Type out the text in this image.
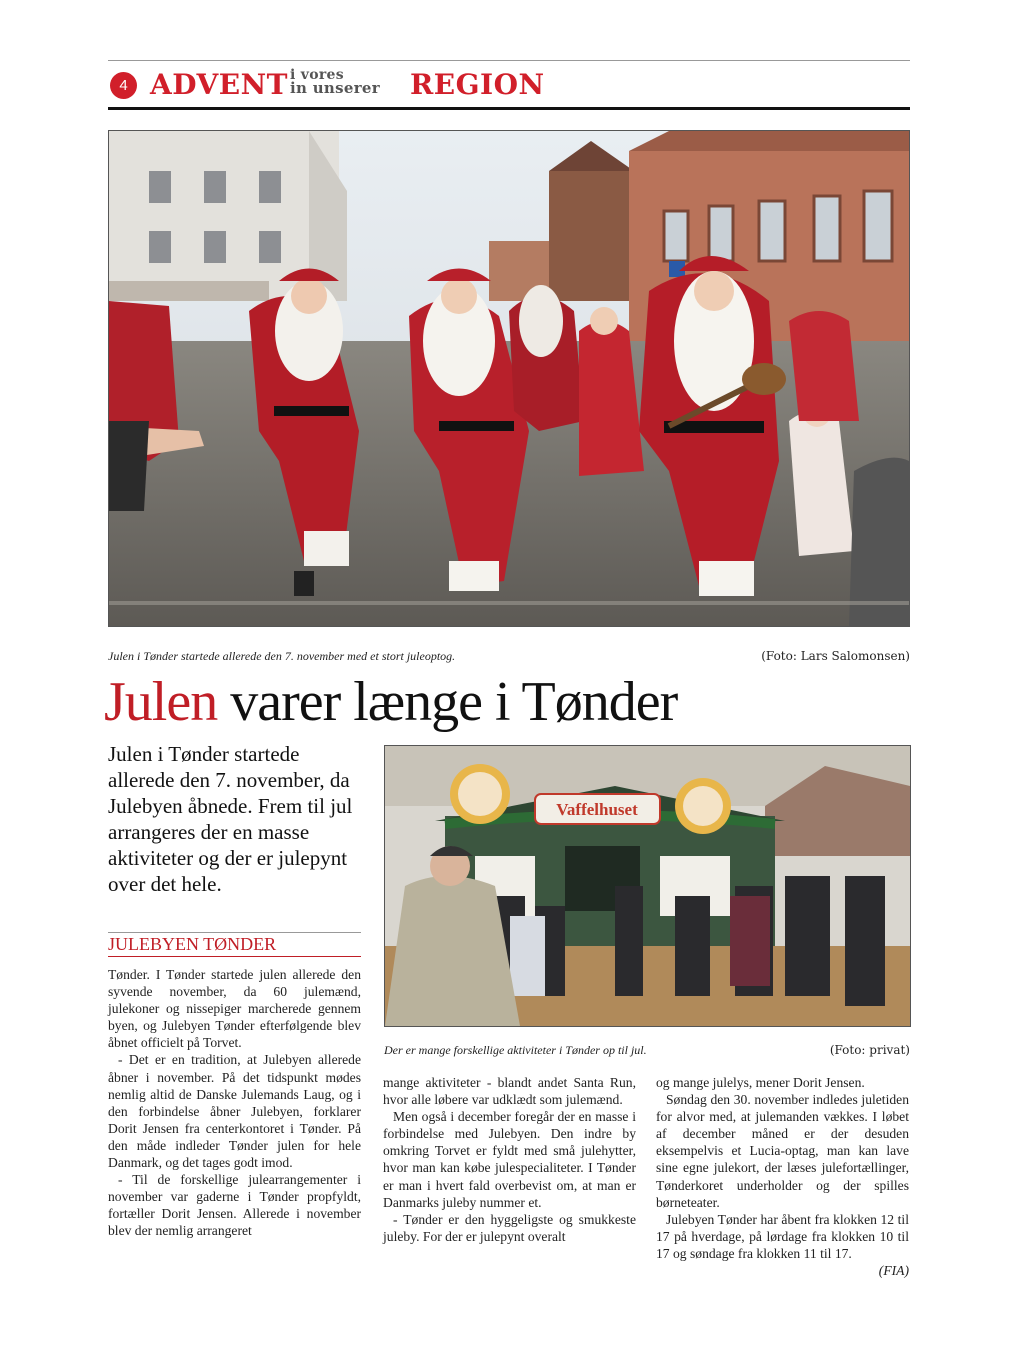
4 ADVENT i vores
in unserer REGION
Julen i Tønder startede allerede den 7. november med et stort juleoptog.	(Foto: Lars Salomonsen)
Julen varer længe i Tønder

Julen i Tønder startede allerede den 7. november, da Julebyen åbnede. Frem til jul arrangeres der en masse aktiviteter og der er julepynt over det hele.

JULEBYEN TØNDER
Vaffelhuset
Der er mange forskellige aktiviteter i Tønder op til jul.	(Foto: privat)

Tønder. I Tønder startede julen allerede den syvende november, da 60 julemænd, julekoner og nissepiger marcherede gennem byen, og Julebyen Tønder efterfølgende blev åbnet officielt på Torvet.

- Det er en tradition, at Julebyen allerede åbner i november. På det tidspunkt mødes nemlig altid de Danske Julemands Laug, og i den forbindelse åbner Julebyen, forklarer Dorit Jensen fra centerkontoret i Tønder. På den måde indleder Tønder julen for hele Danmark, og det tages godt imod.

- Til de forskellige julearrangementer i november var gaderne i Tønder propfyldt, fortæller Dorit Jensen. Allerede i november blev der nemlig arrangeret

mange aktiviteter - blandt andet Santa Run, hvor alle løbere var udklædt som julemænd.

Men også i december foregår der en masse i forbindelse med Julebyen. Den indre by omkring Torvet er fyldt med små julehytter, hvor man kan købe julespecialiteter. I Tønder er man i hvert fald overbevist om, at man er Danmarks juleby nummer et.

- Tønder er den hyggeligste og smukkeste juleby. For der er julepynt overalt

og mange julelys, mener Dorit Jensen.

Søndag den 30. november indledes juletiden for alvor med, at julemanden vækkes. I løbet af december måned er der desuden eksempelvis et Lucia-optag, man kan lave sine egne julekort, der læses julefortællinger, Tønderkoret underholder og der spilles børneteater.

Julebyen Tønder har åbent fra klokken 12 til 17 på hverdage, på lørdage fra klokken 10 til 17 og søndage fra klokken 11 til 17.

(FIA)
